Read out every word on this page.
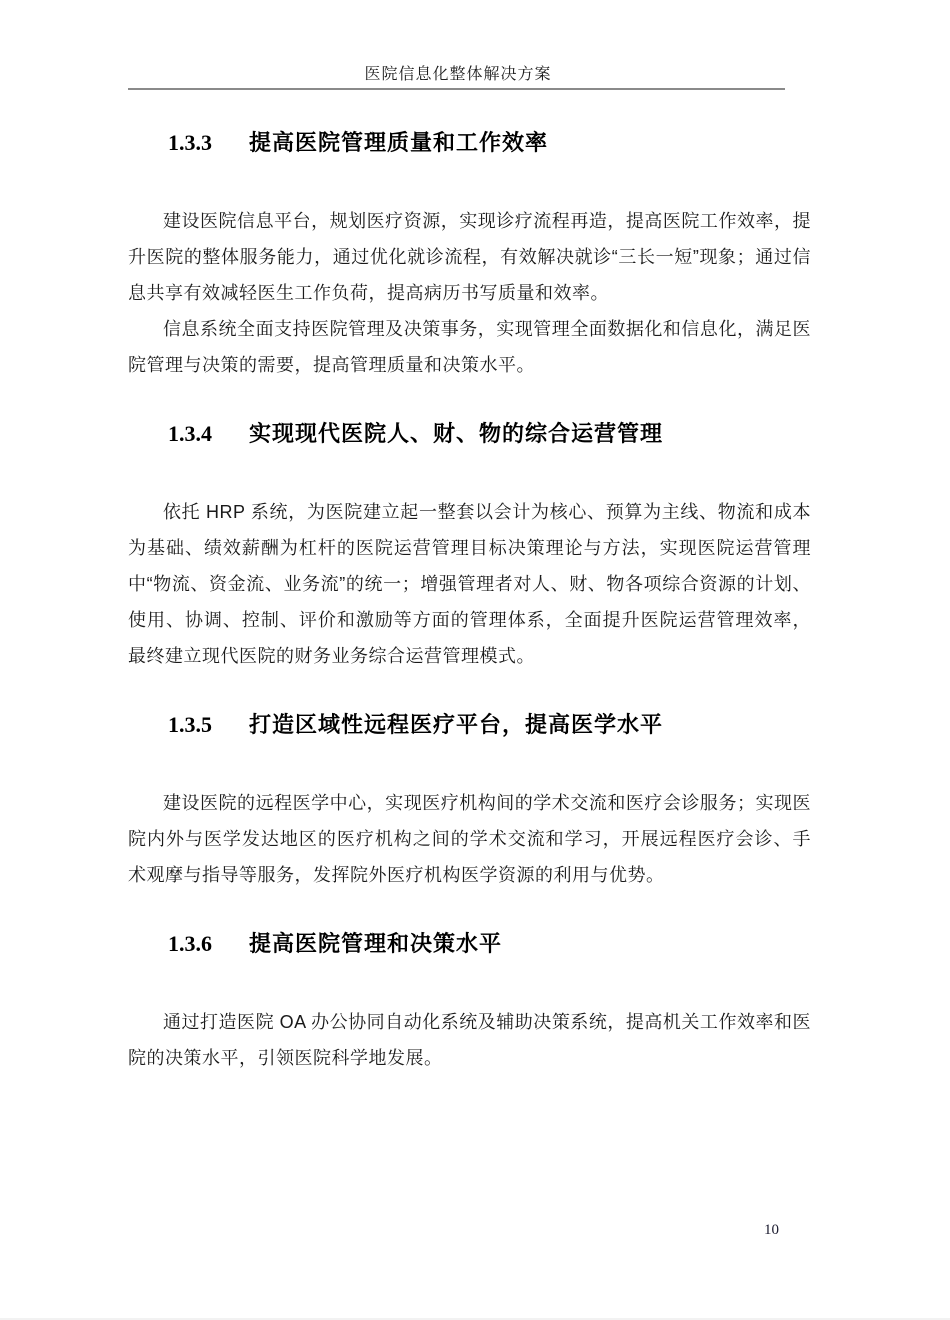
医院信息化整体解决方案
1.3.3 提高医院管理质量和工作效率

建设医院信息平台，规划医疗资源，实现诊疗流程再造，提高医院工作效率，提升医院的整体服务能力，通过优化就诊流程，有效解决就诊“三长一短”现象；通过信息共享有效减轻医生工作负荷，提高病历书写质量和效率。

信息系统全面支持医院管理及决策事务，实现管理全面数据化和信息化，满足医院管理与决策的需要，提高管理质量和决策水平。

1.3.4 实现现代医院人、财、物的综合运营管理

依托 HRP 系统，为医院建立起一整套以会计为核心、预算为主线、物流和成本为基础、绩效薪酬为杠杆的医院运营管理目标决策理论与方法，实现医院运营管理中“物流、资金流、业务流”的统一；增强管理者对人、财、物各项综合资源的计划、使用、协调、控制、评价和激励等方面的管理体系，全面提升医院运营管理效率，最终建立现代医院的财务业务综合运营管理模式。

1.3.5 打造区域性远程医疗平台，提高医学水平

建设医院的远程医学中心，实现医疗机构间的学术交流和医疗会诊服务；实现医院内外与医学发达地区的医疗机构之间的学术交流和学习，开展远程医疗会诊、手术观摩与指导等服务，发挥院外医疗机构医学资源的利用与优势。

1.3.6 提高医院管理和决策水平

通过打造医院 OA 办公协同自动化系统及辅助决策系统，提高机关工作效率和医院的决策水平，引领医院科学地发展。

10
